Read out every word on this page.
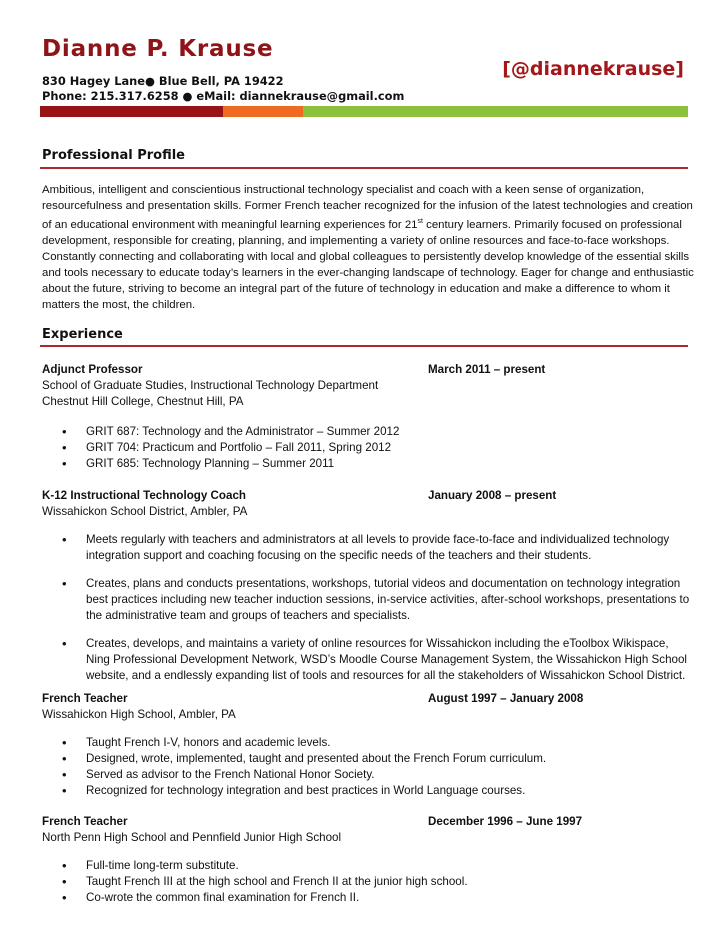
Dianne P. Krause
[@diannekrause]
830 Hagey Lane● Blue Bell, PA 19422
Phone: 215.317.6258 ● eMail: diannekrause@gmail.com
Professional Profile

Ambitious, intelligent and conscientious instructional technology specialist and coach with a keen sense of organization, resourcefulness and presentation skills. Former French teacher recognized for the infusion of the latest technologies and creation of an educational environment with meaningful learning experiences for 21st century learners. Primarily focused on professional development, responsible for creating, planning, and implementing a variety of online resources and face-to-face workshops. Constantly connecting and collaborating with local and global colleagues to persistently develop knowledge of the essential skills and tools necessary to educate today’s learners in the ever-changing landscape of technology. Eager for change and enthusiastic about the future, striving to become an integral part of the future of technology in education and make a difference to whom it matters the most, the children.

Experience
Adjunct Professor	March 2011 – present
School of Graduate Studies, Instructional Technology Department
Chestnut Hill College, Chestnut Hill, PA
• GRIT 687: Technology and the Administrator – Summer 2012
• GRIT 704: Practicum and Portfolio – Fall 2011, Spring 2012
• GRIT 685: Technology Planning – Summer 2011
K-12 Instructional Technology Coach	January 2008 – present
Wissahickon School District, Ambler, PA
• Meets regularly with teachers and administrators at all levels to provide face-to-face and individualized technology integration support and coaching focusing on the specific needs of the teachers and their students.
• Creates, plans and conducts presentations, workshops, tutorial videos and documentation on technology integration best practices including new teacher induction sessions, in-service activities, after-school workshops, presentations to the administrative team and groups of teachers and specialists.
• Creates, develops, and maintains a variety of online resources for Wissahickon including the eToolbox Wikispace, Ning Professional Development Network, WSD’s Moodle Course Management System, the Wissahickon High School website, and a endlessly expanding list of tools and resources for all the stakeholders of Wissahickon School District.
French Teacher	August 1997 – January 2008
Wissahickon High School, Ambler, PA
• Taught French I-V, honors and academic levels.
• Designed, wrote, implemented, taught and presented about the French Forum curriculum.
• Served as advisor to the French National Honor Society.
• Recognized for technology integration and best practices in World Language courses.
French Teacher	December 1996 – June 1997
North Penn High School and Pennfield Junior High School
• Full-time long-term substitute.
• Taught French III at the high school and French II at the junior high school.
• Co-wrote the common final examination for French II.
